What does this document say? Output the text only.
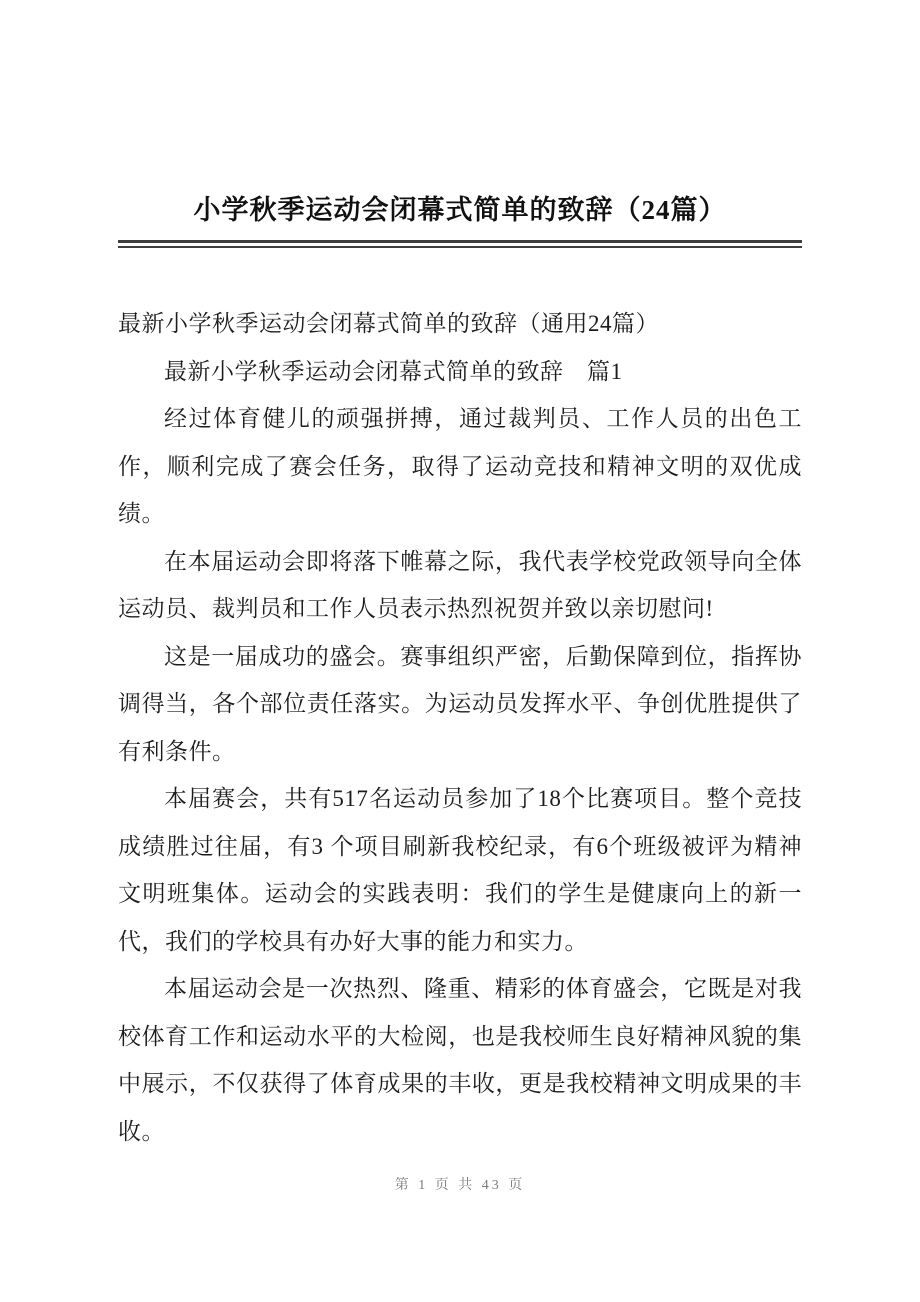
小学秋季运动会闭幕式简单的致辞（24篇）

最新小学秋季运动会闭幕式简单的致辞（通用24篇）

最新小学秋季运动会闭幕式简单的致辞　篇1

经过体育健儿的顽强拼搏，通过裁判员、工作人员的出色工作，顺利完成了赛会任务，取得了运动竞技和精神文明的双优成绩。

在本届运动会即将落下帷幕之际，我代表学校党政领导向全体运动员、裁判员和工作人员表示热烈祝贺并致以亲切慰问!

这是一届成功的盛会。赛事组织严密，后勤保障到位，指挥协调得当，各个部位责任落实。为运动员发挥水平、争创优胜提供了有利条件。

本届赛会，共有517名运动员参加了18个比赛项目。整个竞技成绩胜过往届，有3 个项目刷新我校纪录，有6个班级被评为精神文明班集体。运动会的实践表明：我们的学生是健康向上的新一代，我们的学校具有办好大事的能力和实力。

本届运动会是一次热烈、隆重、精彩的体育盛会，它既是对我校体育工作和运动水平的大检阅，也是我校师生良好精神风貌的集中展示，不仅获得了体育成果的丰收，更是我校精神文明成果的丰收。

第 1 页 共 43 页
